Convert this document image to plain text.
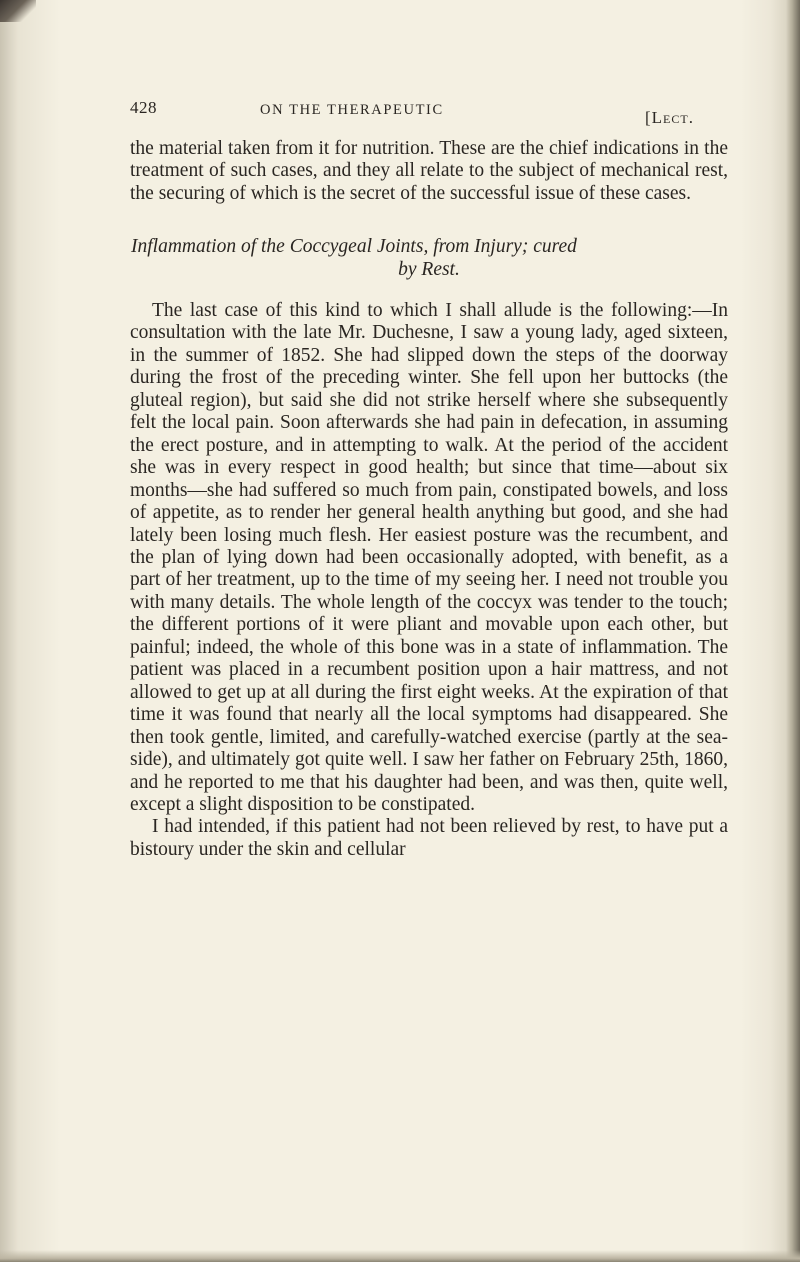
428	ON THE THERAPEUTIC	[Lect.
the material taken from it for nutrition. These are the chief indications in the treatment of such cases, and they all relate to the subject of mechanical rest, the securing of which is the secret of the successful issue of these cases.
Inflammation of the Coccygeal Joints, from Injury; cured
by Rest.

The last case of this kind to which I shall allude is the following:—In consultation with the late Mr. Duchesne, I saw a young lady, aged sixteen, in the summer of 1852. She had slipped down the steps of the doorway during the frost of the preceding winter. She fell upon her buttocks (the gluteal region), but said she did not strike herself where she subsequently felt the local pain. Soon afterwards she had pain in defecation, in assuming the erect posture, and in attempting to walk. At the period of the accident she was in every respect in good health; but since that time—about six months—she had suffered so much from pain, constipated bowels, and loss of appetite, as to render her general health anything but good, and she had lately been losing much flesh. Her easiest posture was the recumbent, and the plan of lying down had been occasionally adopted, with benefit, as a part of her treatment, up to the time of my seeing her. I need not trouble you with many details. The whole length of the coccyx was tender to the touch; the different portions of it were pliant and movable upon each other, but painful; indeed, the whole of this bone was in a state of inflammation. The patient was placed in a recumbent position upon a hair mattress, and not allowed to get up at all during the first eight weeks. At the expiration of that time it was found that nearly all the local symptoms had disappeared. She then took gentle, limited, and carefully-watched exercise (partly at the sea-side), and ultimately got quite well. I saw her father on February 25th, 1860, and he reported to me that his daughter had been, and was then, quite well, except a slight disposition to be constipated.

I had intended, if this patient had not been relieved by rest, to have put a bistoury under the skin and cellular
